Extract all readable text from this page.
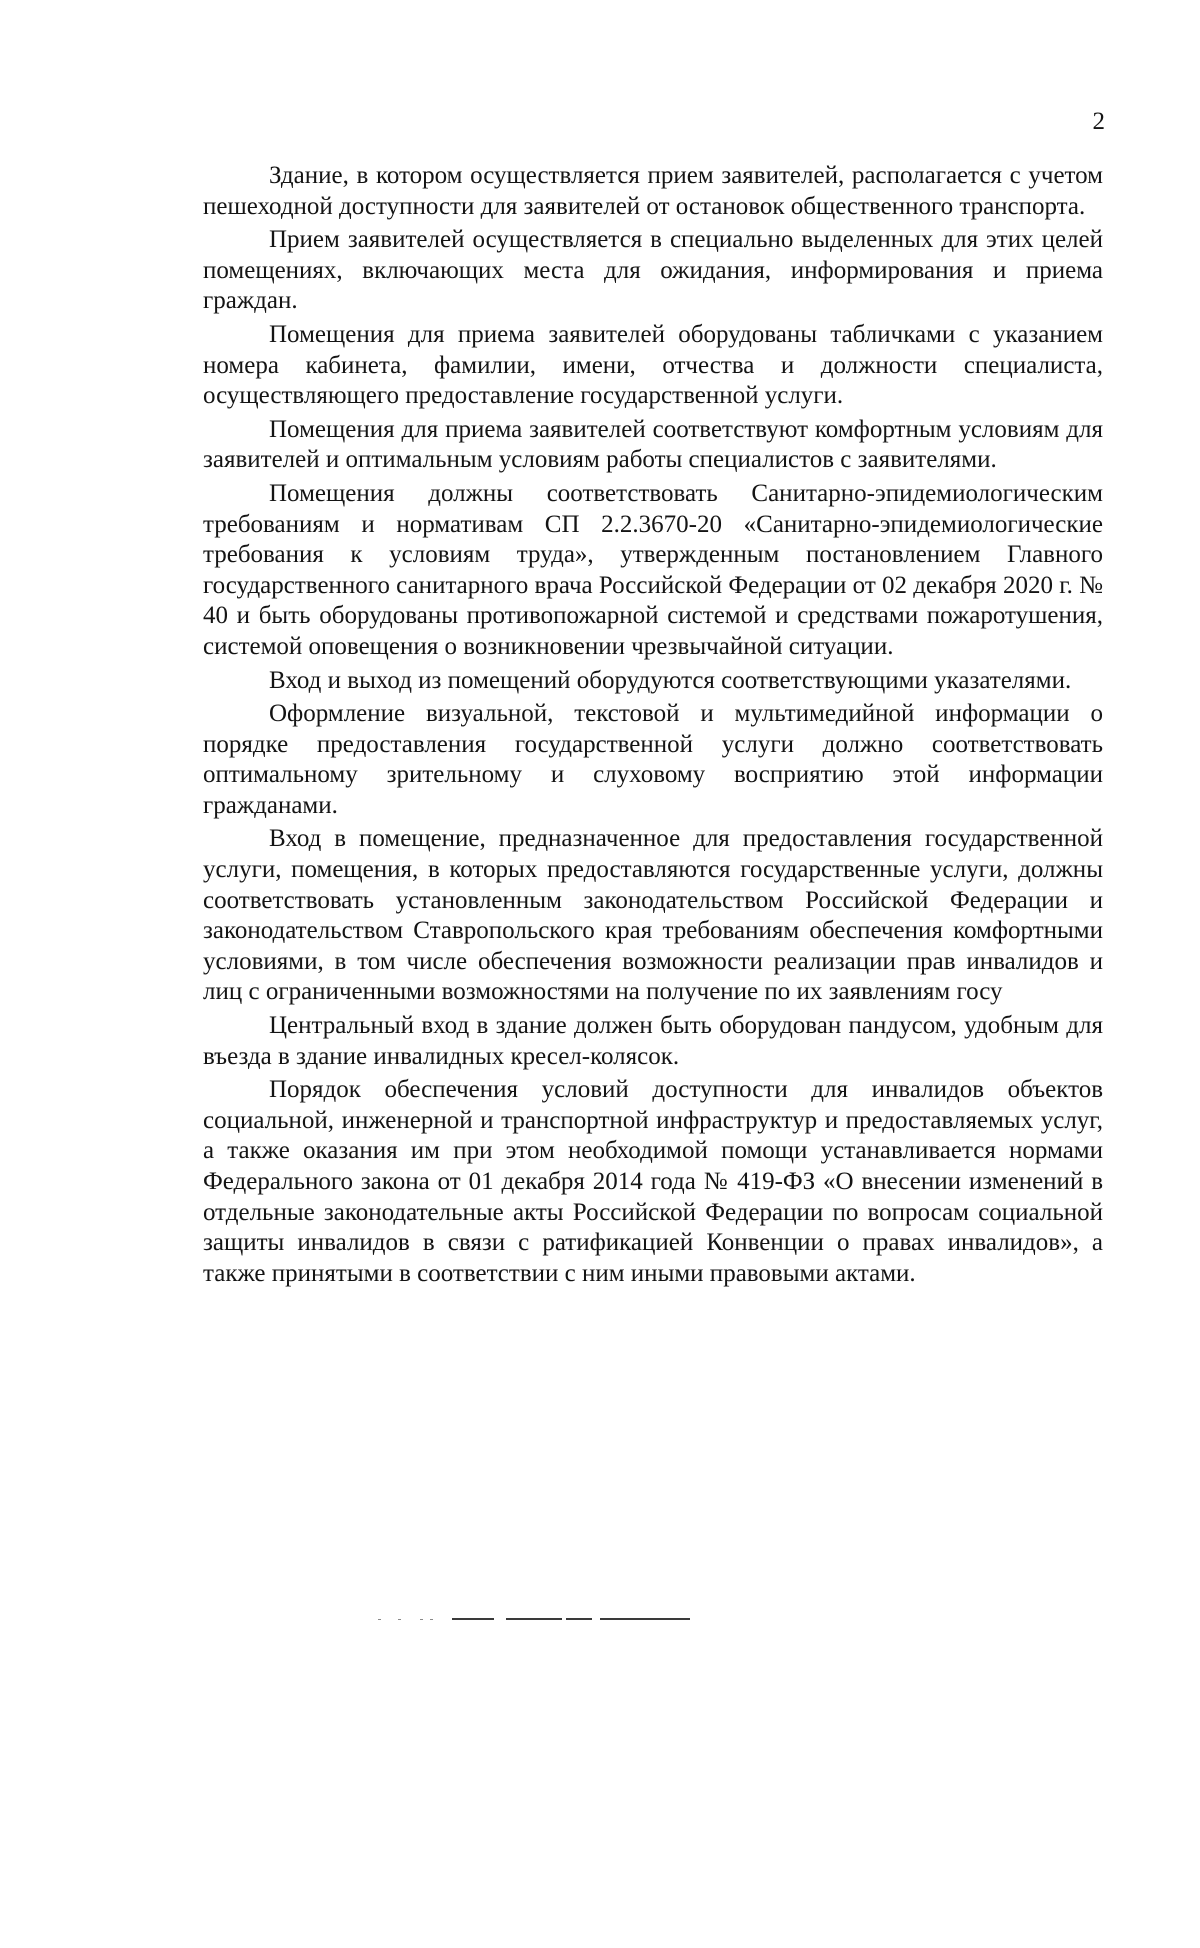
2

Здание, в котором осуществляется прием заявителей, располагается с учетом пешеходной доступности для заявителей от остановок общественного транспорта.

Прием заявителей осуществляется в специально выделенных для этих целей помещениях, включающих места для ожидания, информирования и приема граждан.

Помещения для приема заявителей оборудованы табличками с указанием номера кабинета, фамилии, имени, отчества и должности специалиста, осуществляющего предоставление государственной услуги.

Помещения для приема заявителей соответствуют комфортным условиям для заявителей и оптимальным условиям работы специалистов с заявителями.

Помещения должны соответствовать Санитарно-эпидемиологическим требованиям и нормативам СП 2.2.3670-20 «Санитарно-эпидемиологические требования к условиям труда», утвержденным постановлением Главного государственного санитарного врача Российской Федерации от 02 декабря 2020 г. № 40 и быть оборудованы противопожарной системой и средствами пожаротушения, системой оповещения о возникновении чрезвычайной ситуации.

Вход и выход из помещений оборудуются соответствующими указателями.

Оформление визуальной, текстовой и мультимедийной информации о порядке предоставления государственной услуги должно соответствовать оптимальному зрительному и слуховому восприятию этой информации гражданами.

Вход в помещение, предназначенное для предоставления государственной услуги, помещения, в которых предоставляются государственные услуги, должны соответствовать установленным законодательством Российской Федерации и законодательством Ставропольского края требованиям обеспечения комфортными условиями, в том числе обеспечения возможности реализации прав инвалидов и лиц с ограниченными возможностями на получение по их заявлениям госу

Центральный вход в здание должен быть оборудован пандусом, удобным для въезда в здание инвалидных кресел-колясок.

Порядок обеспечения условий доступности для инвалидов объектов социальной, инженерной и транспортной инфраструктур и предоставляемых услуг, а также оказания им при этом необходимой помощи устанавливается нормами Федерального закона от 01 декабря 2014 года № 419-ФЗ «О внесении изменений в отдельные законодательные акты Российской Федерации по вопросам социальной защиты инвалидов в связи с ратификацией Конвенции о правах инвалидов», а также принятыми в соответствии с ним иными правовыми актами.
